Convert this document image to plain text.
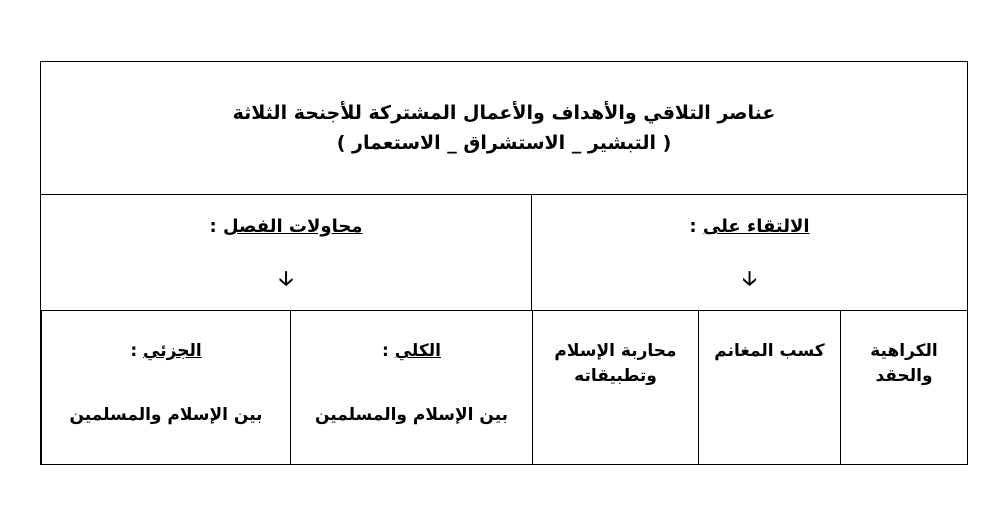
عناصر التلاقي والأهداف والأعمال المشتركة للأجنحة الثلاثة
( التبشير _ الاستشراق _ الاستعمار )
الالتقاء على :
🡣
محاولات الفصل :
🡣
الكراهية والحقد
كسب المغانم
محاربة الإسلام وتطبيقاته
الكلي :
بين الإسلام والمسلمين
الجزئي :
بين الإسلام والمسلمين
